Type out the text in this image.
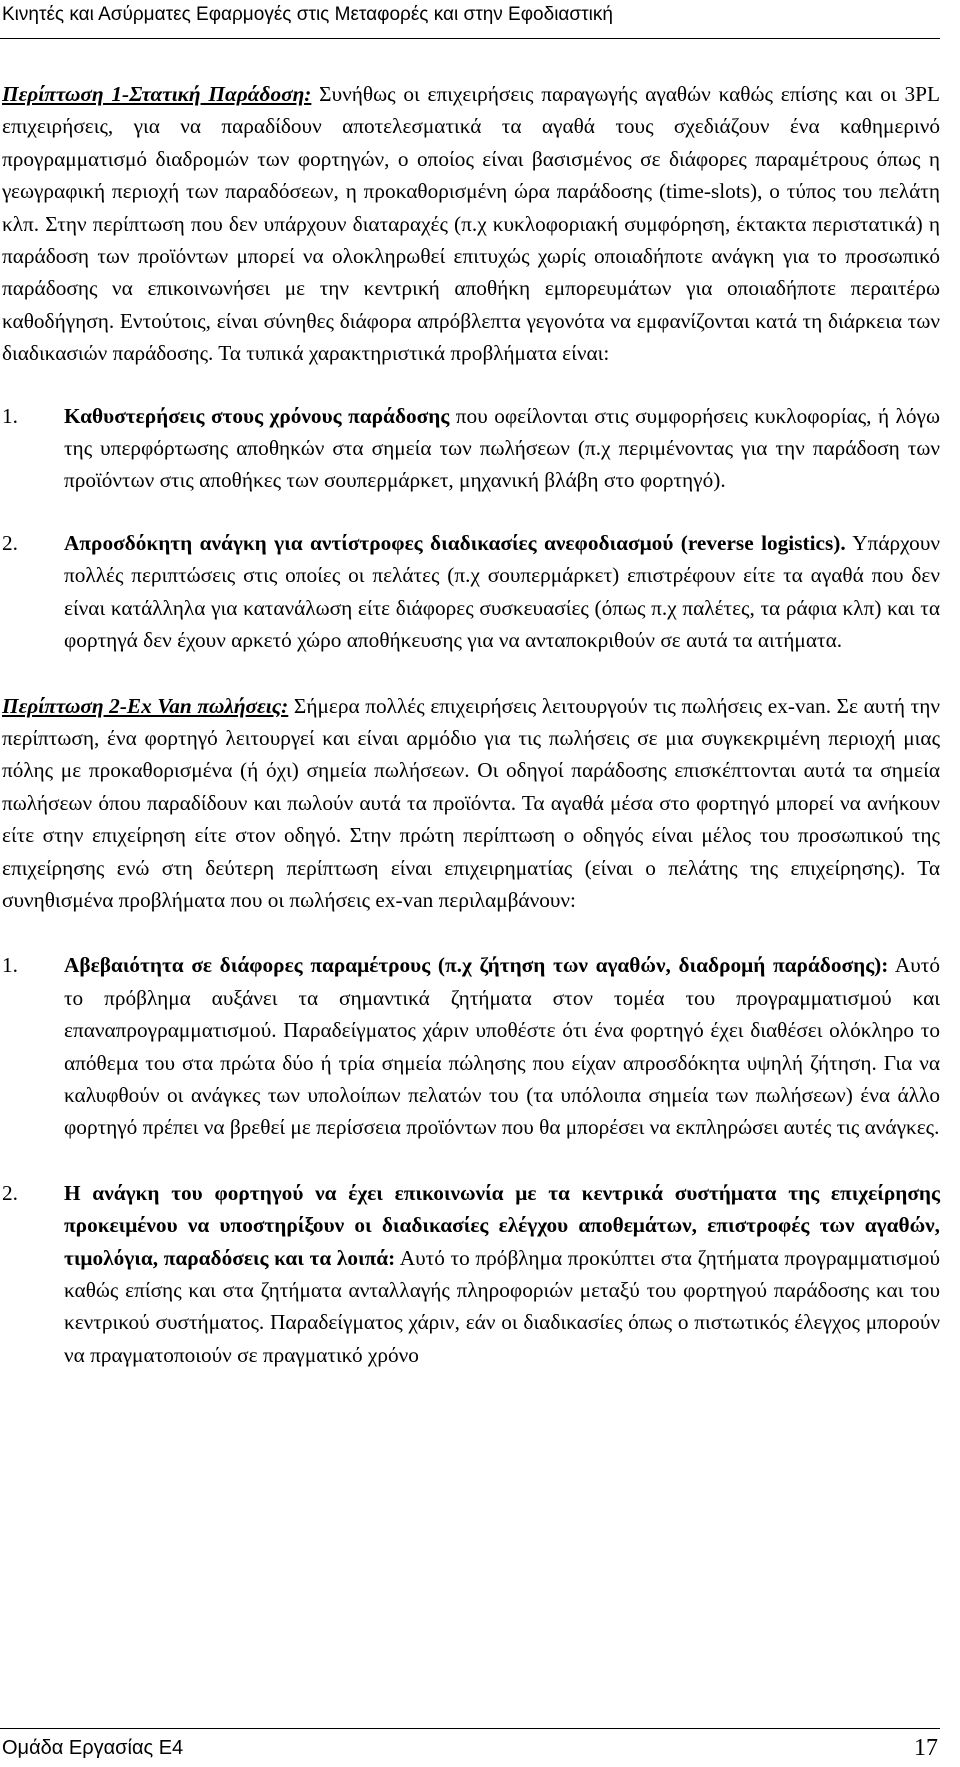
Κινητές και Ασύρματες Εφαρμογές στις Μεταφορές και στην Εφοδιαστική

Περίπτωση 1-Στατική Παράδοση: Συνήθως οι επιχειρήσεις παραγωγής αγαθών καθώς επίσης και οι 3PL επιχειρήσεις, για να παραδίδουν αποτελεσματικά τα αγαθά τους σχεδιάζουν ένα καθημερινό προγραμματισμό διαδρομών των φορτηγών, ο οποίος είναι βασισμένος σε διάφορες παραμέτρους όπως η γεωγραφική περιοχή των παραδόσεων, η προκαθορισμένη ώρα παράδοσης (time-slots), ο τύπος του πελάτη κλπ. Στην περίπτωση που δεν υπάρχουν διαταραχές (π.χ κυκλοφοριακή συμφόρηση, έκτακτα περιστατικά) η παράδοση των προϊόντων μπορεί να ολοκληρωθεί επιτυχώς χωρίς οποιαδήποτε ανάγκη για το προσωπικό παράδοσης να επικοινωνήσει με την κεντρική αποθήκη εμπορευμάτων για οποιαδήποτε περαιτέρω καθοδήγηση. Εντούτοις, είναι σύνηθες διάφορα απρόβλεπτα γεγονότα να εμφανίζονται κατά τη διάρκεια των διαδικασιών παράδοσης. Τα τυπικά χαρακτηριστικά προβλήματα είναι:

1. Καθυστερήσεις στους χρόνους παράδοσης που οφείλονται στις συμφορήσεις κυκλοφορίας, ή λόγω της υπερφόρτωσης αποθηκών στα σημεία των πωλήσεων (π.χ περιμένοντας για την παράδοση των προϊόντων στις αποθήκες των σουπερμάρκετ, μηχανική βλάβη στο φορτηγό).
2. Απροσδόκητη ανάγκη για αντίστροφες διαδικασίες ανεφοδιασμού (reverse logistics). Υπάρχουν πολλές περιπτώσεις στις οποίες οι πελάτες (π.χ σουπερμάρκετ) επιστρέφουν είτε τα αγαθά που δεν είναι κατάλληλα για κατανάλωση είτε διάφορες συσκευασίες (όπως π.χ παλέτες, τα ράφια κλπ) και τα φορτηγά δεν έχουν αρκετό χώρο αποθήκευσης για να ανταποκριθούν σε αυτά τα αιτήματα.

Περίπτωση 2-Ex Van πωλήσεις: Σήμερα πολλές επιχειρήσεις λειτουργούν τις πωλήσεις ex-van. Σε αυτή την περίπτωση, ένα φορτηγό λειτουργεί και είναι αρμόδιο για τις πωλήσεις σε μια συγκεκριμένη περιοχή μιας πόλης με προκαθορισμένα (ή όχι) σημεία πωλήσεων. Οι οδηγοί παράδοσης επισκέπτονται αυτά τα σημεία πωλήσεων όπου παραδίδουν και πωλούν αυτά τα προϊόντα. Τα αγαθά μέσα στο φορτηγό μπορεί να ανήκουν είτε στην επιχείρηση είτε στον οδηγό. Στην πρώτη περίπτωση ο οδηγός είναι μέλος του προσωπικού της επιχείρησης ενώ στη δεύτερη περίπτωση είναι επιχειρηματίας (είναι ο πελάτης της επιχείρησης). Τα συνηθισμένα προβλήματα που οι πωλήσεις ex-van περιλαμβάνουν:

1. Αβεβαιότητα σε διάφορες παραμέτρους (π.χ ζήτηση των αγαθών, διαδρομή παράδοσης): Αυτό το πρόβλημα αυξάνει τα σημαντικά ζητήματα στον τομέα του προγραμματισμού και επαναπρογραμματισμού. Παραδείγματος χάριν υποθέστε ότι ένα φορτηγό έχει διαθέσει ολόκληρο το απόθεμα του στα πρώτα δύο ή τρία σημεία πώλησης που είχαν απροσδόκητα υψηλή ζήτηση. Για να καλυφθούν οι ανάγκες των υπολοίπων πελατών του (τα υπόλοιπα σημεία των πωλήσεων) ένα άλλο φορτηγό πρέπει να βρεθεί με περίσσεια προϊόντων που θα μπορέσει να εκπληρώσει αυτές τις ανάγκες.
2. Η ανάγκη του φορτηγού να έχει επικοινωνία με τα κεντρικά συστήματα της επιχείρησης προκειμένου να υποστηρίξουν οι διαδικασίες ελέγχου αποθεμάτων, επιστροφές των αγαθών, τιμολόγια, παραδόσεις και τα λοιπά: Αυτό το πρόβλημα προκύπτει στα ζητήματα προγραμματισμού καθώς επίσης και στα ζητήματα ανταλλαγής πληροφοριών μεταξύ του φορτηγού παράδοσης και του κεντρικού συστήματος. Παραδείγματος χάριν, εάν οι διαδικασίες όπως ο πιστωτικός έλεγχος μπορούν να πραγματοποιούν σε πραγματικό χρόνο
Ομάδα Εργασίας Ε4	17
